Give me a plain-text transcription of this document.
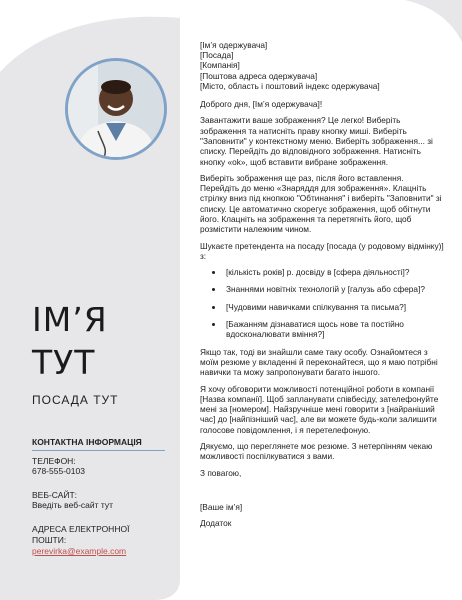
ІМ’Я
ТУТ
ПОСАДА ТУТ
КОНТАКТНА ІНФОРМАЦІЯ
ТЕЛЕФОН:
678-555-0103
ВЕБ-САЙТ:
Введіть веб-сайт тут
АДРЕСА ЕЛЕКТРОННОЇ ПОШТИ:
perevirka@example.com
[Ім’я одержувача]
[Посада]
[Компанія]
[Поштова адреса одержувача]
[Місто, область і поштовий індекс одержувача]

Доброго дня, [Ім’я одержувача]!

Завантажити ваше зображення? Це легко! Виберіть зображення та натисніть праву кнопку миші. Виберіть "Заповнити" у контекстному меню. Виберіть зображення... зі списку. Перейдіть до відповідного зображення. Натисніть кнопку «ok», щоб вставити вибране зображення.

Виберіть зображення ще раз, після його вставлення. Перейдіть до меню «Знаряддя для зображення». Клацніть стрілку вниз під кнопкою "Обтинання" і виберіть "Заповнити" зі списку. Це автоматично скорегує зображення, щоб обітнути його. Клацніть на зображення та перетягніть його, щоб розмістити належним чином.

Шукаєте претендента на посаду [посада (у родовому відмінку)] з:

• [кількість років] р. досвіду в [сфера діяльності]?
• Знаннями новітніх технологій у [галузь або сфера]?
• [Чудовими навичками спілкування та письма?]
• [Бажанням дізнаватися щось нове та постійно вдосконалювати вміння?]

Якщо так, тоді ви знайшли саме таку особу. Ознайомтеся з моїм резюме у вкладенні й переконайтеся, що я маю потрібні навички та можу запропонувати багато іншого.

Я хочу обговорити можливості потенційної роботи в компанії [Назва компанії]. Щоб запланувати співбесіду, зателефонуйте мені за [номером]. Найзручніше мені говорити з [найраніший час] до [найпізніший час], але ви можете будь-коли залишити голосове повідомлення, і я перетелефоную.

Дякуємо, що переглянете моє резюме. З нетерпінням чекаю можливості поспілкуватися з вами.

З повагою,

[Ваше ім’я]

Додаток
